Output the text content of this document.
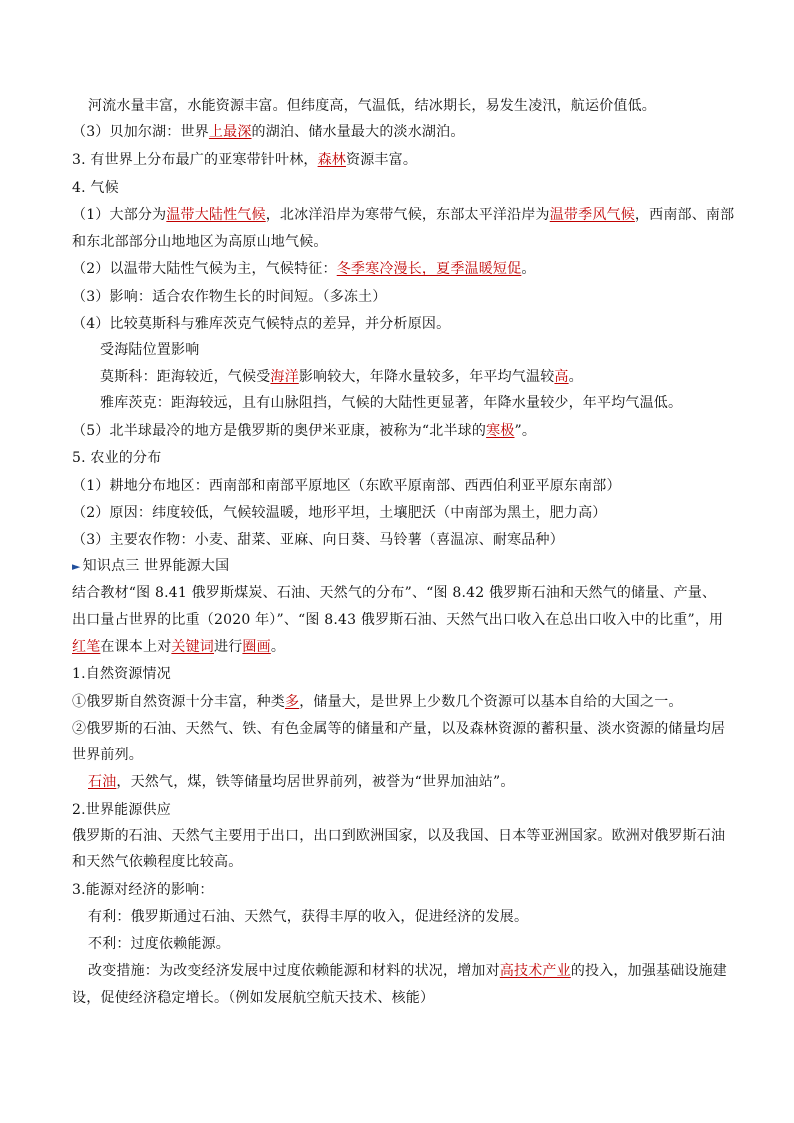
河流水量丰富，水能资源丰富。但纬度高，气温低，结冰期长，易发生凌汛，航运价值低。
（3）贝加尔湖：世界上最深的湖泊、储水量最大的淡水湖泊。
3. 有世界上分布最广的亚寒带针叶林，森林资源丰富。
4. 气候
（1）大部分为温带大陆性气候，北冰洋沿岸为寒带气候，东部太平洋沿岸为温带季风气候，西南部、南部
和东北部部分山地地区为高原山地气候。
（2）以温带大陆性气候为主，气候特征：冬季寒冷漫长，夏季温暖短促。
（3）影响：适合农作物生长的时间短。（多冻土）
（4）比较莫斯科与雅库茨克气候特点的差异，并分析原因。
受海陆位置影响
莫斯科：距海较近，气候受海洋影响较大，年降水量较多，年平均气温较高。
雅库茨克：距海较远，且有山脉阻挡，气候的大陆性更显著，年降水量较少，年平均气温低。
（5）北半球最冷的地方是俄罗斯的奥伊米亚康，被称为“北半球的寒极”。
5. 农业的分布
（1）耕地分布地区：西南部和南部平原地区（东欧平原南部、西西伯利亚平原东南部）
（2）原因：纬度较低，气候较温暖，地形平坦，土壤肥沃（中南部为黑土，肥力高）
（3）主要农作物：小麦、甜菜、亚麻、向日葵、马铃薯（喜温凉、耐寒品种）
► 知识点三 世界能源大国
结合教材“图 8.41 俄罗斯煤炭、石油、天然气的分布”、“图 8.42 俄罗斯石油和天然气的储量、产量、
出口量占世界的比重（2020 年）”、“图 8.43 俄罗斯石油、天然气出口收入在总出口收入中的比重”，用
红笔在课本上对关键词进行圈画。
1.自然资源情况
①俄罗斯自然资源十分丰富，种类多，储量大，是世界上少数几个资源可以基本自给的大国之一。
②俄罗斯的石油、天然气、铁、有色金属等的储量和产量，以及森林资源的蓄积量、淡水资源的储量均居
世界前列。
石油，天然气，煤，铁等储量均居世界前列，被誉为“世界加油站”。
2.世界能源供应
俄罗斯的石油、天然气主要用于出口，出口到欧洲国家，以及我国、日本等亚洲国家。欧洲对俄罗斯石油
和天然气依赖程度比较高。
3.能源对经济的影响：
有利：俄罗斯通过石油、天然气，获得丰厚的收入，促进经济的发展。
不利：过度依赖能源。
改变措施：为改变经济发展中过度依赖能源和材料的状况，增加对高技术产业的投入，加强基础设施建
设，促使经济稳定增长。（例如发展航空航天技术、核能）
